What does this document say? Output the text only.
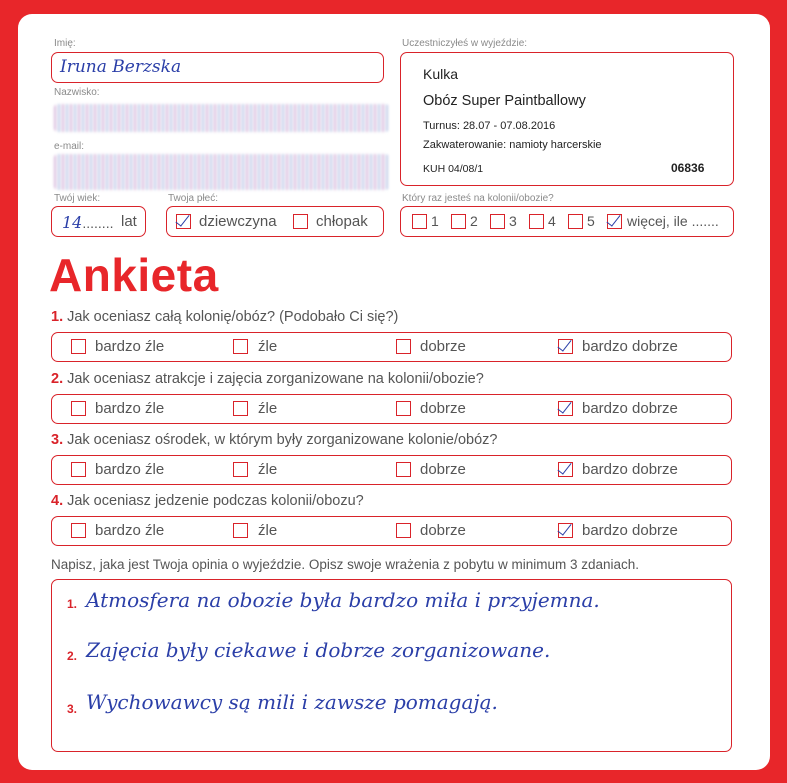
Imię:
Iruna Berzska
Nazwisko:
e-mail:
Twój wiek:
14........ lat
Twoja płeć:
dziewczyna	chłopak
Uczestniczyłeś w wyjeździe:
Kulka
Obóz Super Paintballowy
Turnus: 28.07 - 07.08.2016
Zakwaterowanie: namioty harcerskie
KUH 04/08/1	06836
Który raz jesteś na kolonii/obozie?
1 2 3 4 5 więcej, ile .......
Ankieta
1. Jak oceniasz całą kolonię/obóz? (Podobało Ci się?)
bardzo źle	źle	dobrze	bardzo dobrze
2. Jak oceniasz atrakcje i zajęcia zorganizowane na kolonii/obozie?
bardzo źle	źle	dobrze	bardzo dobrze
3. Jak oceniasz ośrodek, w którym były zorganizowane kolonie/obóz?
bardzo źle	źle	dobrze	bardzo dobrze
4. Jak oceniasz jedzenie podczas kolonii/obozu?
bardzo źle	źle	dobrze	bardzo dobrze
Napisz, jaka jest Twoja opinia o wyjeździe. Opisz swoje wrażenia z pobytu w minimum 3 zdaniach.
1. Atmosfera na obozie była bardzo miła i przyjemna.
2. Zajęcia były ciekawe i dobrze zorganizowane.
3. Wychowawcy są mili i zawsze pomagają.
